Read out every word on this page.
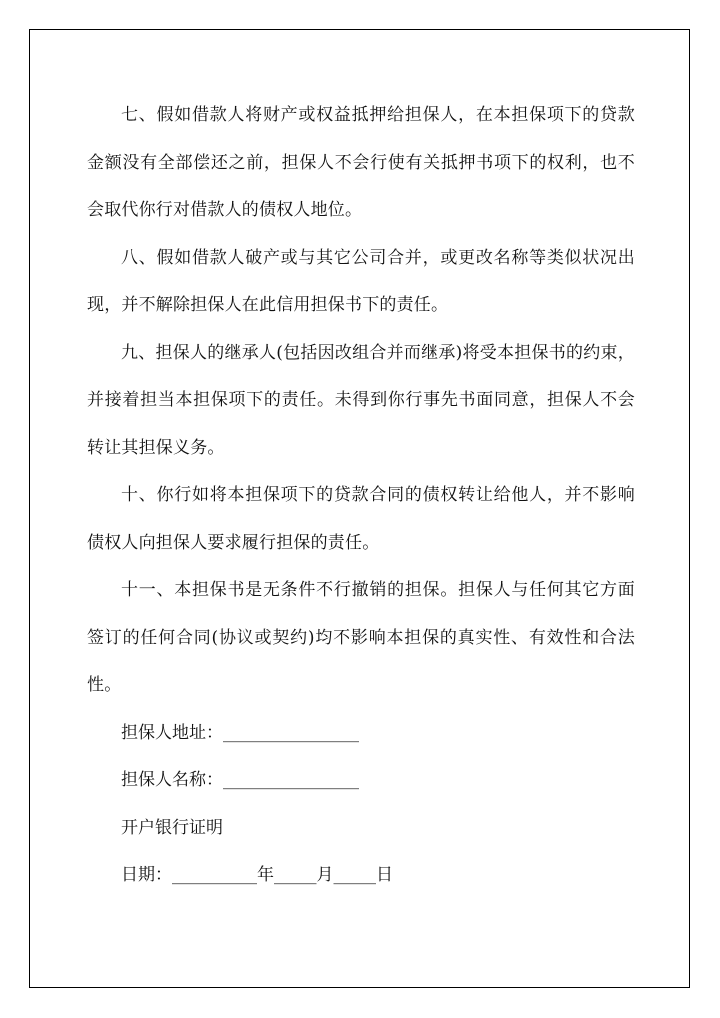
七、假如借款人将财产或权益抵押给担保人，在本担保项下的贷款金额没有全部偿还之前，担保人不会行使有关抵押书项下的权利，也不会取代你行对借款人的债权人地位。

八、假如借款人破产或与其它公司合并，或更改名称等类似状况出现，并不解除担保人在此信用担保书下的责任。

九、担保人的继承人(包括因改组合并而继承)将受本担保书的约束，并接着担当本担保项下的责任。未得到你行事先书面同意，担保人不会转让其担保义务。

十、你行如将本担保项下的贷款合同的债权转让给他人，并不影响债权人向担保人要求履行担保的责任。

十一、本担保书是无条件不行撤销的担保。担保人与任何其它方面签订的任何合同(协议或契约)均不影响本担保的真实性、有效性和合法性。

担保人地址：________________
担保人名称：________________
开户银行证明
日期：__________年_____月_____日
